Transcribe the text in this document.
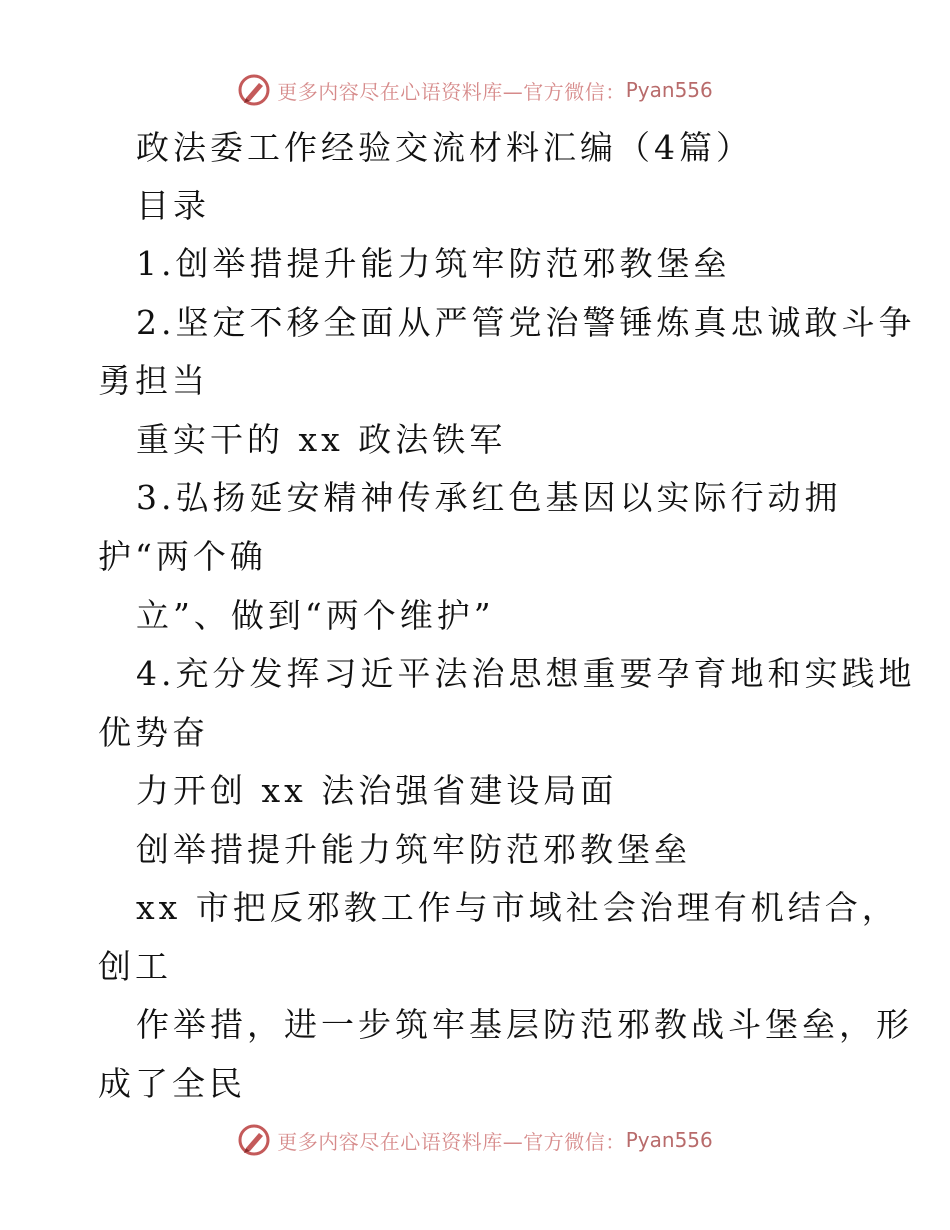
更多内容尽在心语资料库—官方微信： Pyan556
政法委工作经验交流材料汇编（4篇）
目录
1.创举措提升能力筑牢防范邪教堡垒
2.坚定不移全面从严管党治警锤炼真忠诚敢斗争
勇担当
重实干的 xx 政法铁军
3.弘扬延安精神传承红色基因以实际行动拥
护“两个确
立”、做到“两个维护”
4.充分发挥习近平法治思想重要孕育地和实践地
优势奋
力开创 xx 法治强省建设局面
创举措提升能力筑牢防范邪教堡垒
xx 市把反邪教工作与市域社会治理有机结合，
创工
作举措，进一步筑牢基层防范邪教战斗堡垒，形
成了全民
更多内容尽在心语资料库—官方微信： Pyan556
